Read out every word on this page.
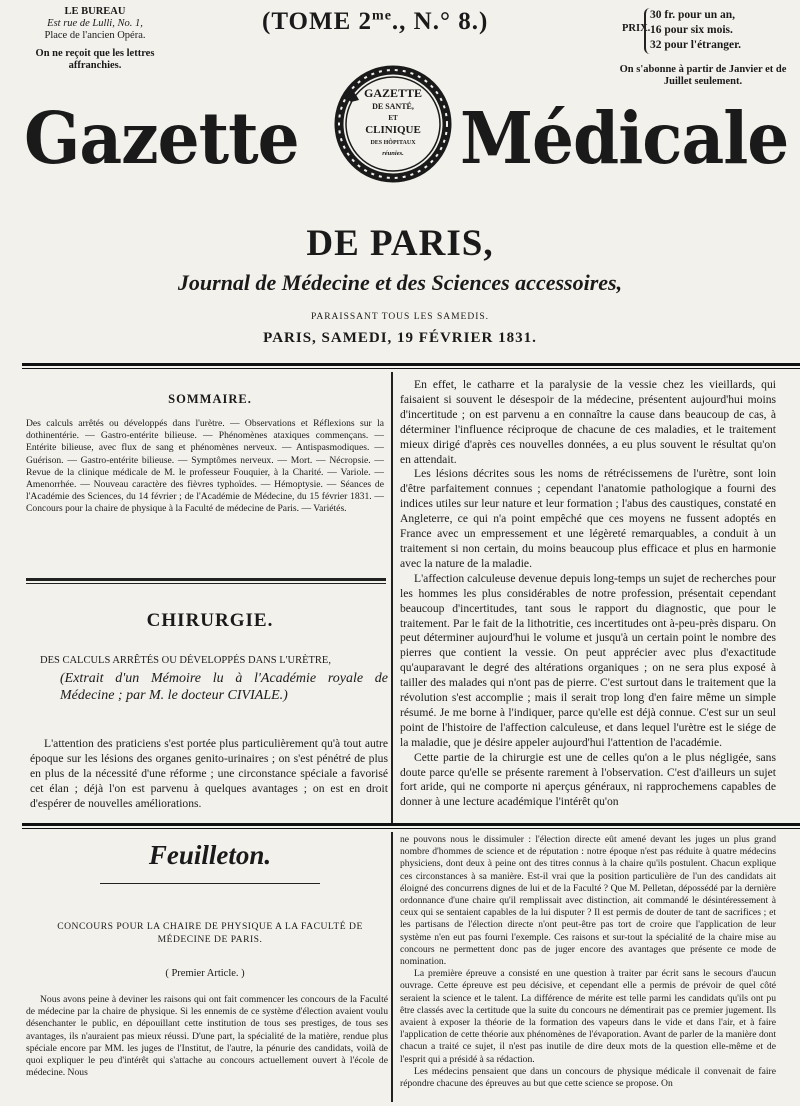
LE BUREAU
Est rue de Lulli, No. 1,
Place de l'ancien Opéra.
On ne reçoit que les lettres affranchies.
(TOME $2^{me}$., N.° 8.)	PRIX.
30 fr. pour un an,
16 pour six mois.
32 pour l'étranger.
On s'abonne à partir de Janvier et de Juillet seulement.
Gazette Médicale
GAZETTE
DE SANTÉ,
ET
CLINIQUE
DES HÔPITAUX
réunies.
DE PARIS,
Journal de Médecine et des Sciences accessoires,
PARAISSANT TOUS LES SAMEDIS.
PARIS, SAMEDI, 19 FÉVRIER 1831.
SOMMAIRE.
Des calculs arrêtés ou développés dans l'urètre. — Observations et Réflexions sur la dothinentérie. — Gastro-entérite bilieuse. — Phénomènes ataxiques commençans. — Entérite bilieuse, avec flux de sang et phénomènes nerveux. — Antispasmodiques. — Guérison. — Gastro-entérite bilieuse. — Symptômes nerveux. — Mort. — Nécropsie. — Revue de la clinique médicale de M. le professeur Fouquier, à la Charité. — Variole. — Amenorrhée. — Nouveau caractère des fièvres typhoïdes. — Hémoptysie. — Séances de l'Académie des Sciences, du 14 février ; de l'Académie de Médecine, du 15 février 1831. — Concours pour la chaire de physique à la Faculté de médecine de Paris. — Variétés.
CHIRURGIE.
DES CALCULS ARRÊTÉS OU DÉVELOPPÉS DANS L'URÈTRE,
(Extrait d'un Mémoire lu à l'Académie royale de Médecine ; par M. le docteur CIVIALE.)

L'attention des praticiens s'est portée plus particulièrement qu'à tout autre époque sur les lésions des organes genito-urinaires ; on s'est pénétré de plus en plus de la nécessité d'une réforme ; une circonstance spéciale a favorisé cet élan ; déjà l'on est parvenu à quelques avantages ; on est en droit d'espérer de nouvelles améliorations.

En effet, le catharre et la paralysie de la vessie chez les vieillards, qui faisaient si souvent le désespoir de la médecine, présentent aujourd'hui moins d'incertitude ; on est parvenu a en connaître la cause dans beaucoup de cas, à déterminer l'influence réciproque de chacune de ces maladies, et le traitement mieux dirigé d'après ces nouvelles données, a eu plus souvent le résultat qu'on en attendait.

Les lésions décrites sous les noms de rétrécissemens de l'urètre, sont loin d'être parfaitement connues ; cependant l'anatomie pathologique a fourni des indices utiles sur leur nature et leur formation ; l'abus des caustiques, constaté en Angleterre, ce qui n'a point empêché que ces moyens ne fussent adoptés en France avec un empressement et une légèreté remarquables, a conduit à un traitement si non certain, du moins beaucoup plus efficace et plus en harmonie avec la nature de la maladie.

L'affection calculeuse devenue depuis long-temps un sujet de recherches pour les hommes les plus considérables de notre profession, présentait cependant beaucoup d'incertitudes, tant sous le rapport du diagnostic, que pour le traitement. Par le fait de la lithotritie, ces incertitudes ont à-peu-près disparu. On peut déterminer aujourd'hui le volume et jusqu'à un certain point le nombre des pierres que contient la vessie. On peut apprécier avec plus d'exactitude qu'auparavant le degré des altérations organiques ; on ne sera plus exposé à tailler des malades qui n'ont pas de pierre. C'est surtout dans le traitement que la révolution s'est accomplie ; mais il serait trop long d'en faire même un simple résumé. Je me borne à l'indiquer, parce qu'elle est déjà connue. C'est sur un seul point de l'histoire de l'affection calculeuse, et dans lequel l'urètre est le siége de la maladie, que je désire appeler aujourd'hui l'attention de l'académie.

Cette partie de la chirurgie est une de celles qu'on a le plus négligée, sans doute parce qu'elle se présente rarement à l'observation. C'est d'ailleurs un sujet fort aride, qui ne comporte ni aperçus généraux, ni rapprochemens capables de donner à une lecture académique l'intérêt qu'on

Feuilleton.
CONCOURS POUR LA CHAIRE DE PHYSIQUE A LA FACULTÉ DE MÉDECINE DE PARIS.
( Premier Article. )

Nous avons peine à deviner les raisons qui ont fait commencer les concours de la Faculté de médecine par la chaire de physique. Si les ennemis de ce système d'élection avaient voulu désenchanter le public, en dépouillant cette institution de tous ses prestiges, de tous ses avantages, ils n'auraient pas mieux réussi. D'une part, la spécialité de la matière, rendue plus spéciale encore par MM. les juges de l'Institut, de l'autre, la pénurie des candidats, voilà de quoi expliquer le peu d'intérêt qui s'attache au concours actuellement ouvert à l'école de médecine. Nous

ne pouvons nous le dissimuler : l'élection directe eût amené devant les juges un plus grand nombre d'hommes de science et de réputation : notre époque n'est pas réduite à quatre médecins physiciens, dont deux à peine ont des titres connus à la chaire qu'ils postulent. Chacun explique ces circonstances à sa manière. Est-il vrai que la position particulière de l'un des candidats ait éloigné des concurrens dignes de lui et de la Faculté ? Que M. Pelletan, dépossédé par la dernière ordonnance d'une chaire qu'il remplissait avec distinction, ait commandé le désintéressement à ceux qui se sentaient capables de la lui disputer ? Il est permis de douter de tant de sacrifices ; et les partisans de l'élection directe n'ont peut-être pas tort de croire que l'application de leur système n'en eut pas fourni l'exemple. Ces raisons et sur-tout la spécialité de la chaire mise au concours ne permettent donc pas de juger encore des avantages que présente ce mode de nomination.

La première épreuve a consisté en une question à traiter par écrit sans le secours d'aucun ouvrage. Cette épreuve est peu décisive, et cependant elle a permis de prévoir de quel côté seraient la science et le talent. La différence de mérite est telle parmi les candidats qu'ils ont pu être classés avec la certitude que la suite du concours ne démentirait pas ce premier jugement. Ils avaient à exposer la théorie de la formation des vapeurs dans le vide et dans l'air, et à faire l'application de cette théorie aux phénomènes de l'évaporation. Avant de parler de la manière dont chacun a traité ce sujet, il n'est pas inutile de dire deux mots de la question elle-même et de l'esprit qui a présidé à sa rédaction.

Les médecins pensaient que dans un concours de physique médicale il convenait de faire répondre chacune des épreuves au but que cette science se propose. On
